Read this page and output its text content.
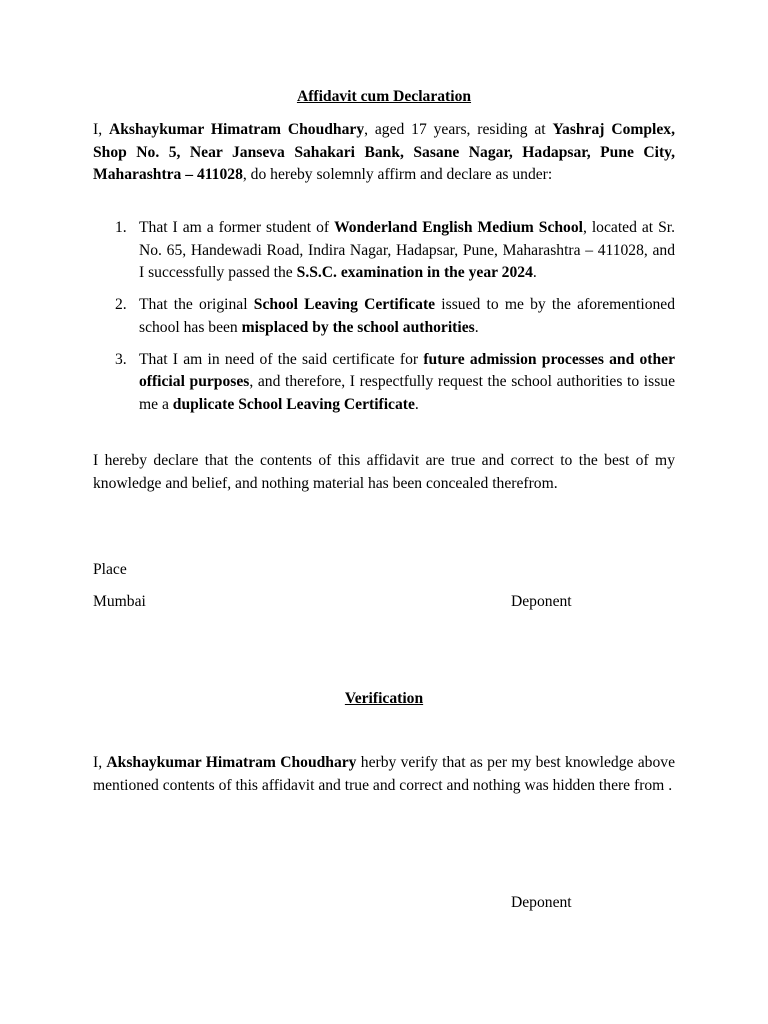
Affidavit cum Declaration

I, Akshaykumar Himatram Choudhary, aged 17 years, residing at Yashraj Complex, Shop No. 5, Near Janseva Sahakari Bank, Sasane Nagar, Hadapsar, Pune City, Maharashtra – 411028, do hereby solemnly affirm and declare as under:

1. That I am a former student of Wonderland English Medium School, located at Sr. No. 65, Handewadi Road, Indira Nagar, Hadapsar, Pune, Maharashtra – 411028, and I successfully passed the S.S.C. examination in the year 2024.
2. That the original School Leaving Certificate issued to me by the aforementioned school has been misplaced by the school authorities.
3. That I am in need of the said certificate for future admission processes and other official purposes, and therefore, I respectfully request the school authorities to issue me a duplicate School Leaving Certificate.

I hereby declare that the contents of this affidavit are true and correct to the best of my knowledge and belief, and nothing material has been concealed therefrom.

Place

Mumbai	Deponent

Verification

I, Akshaykumar Himatram Choudhary herby verify that as per my best knowledge above mentioned contents of this affidavit and true and correct and nothing was hidden there from .

Deponent
